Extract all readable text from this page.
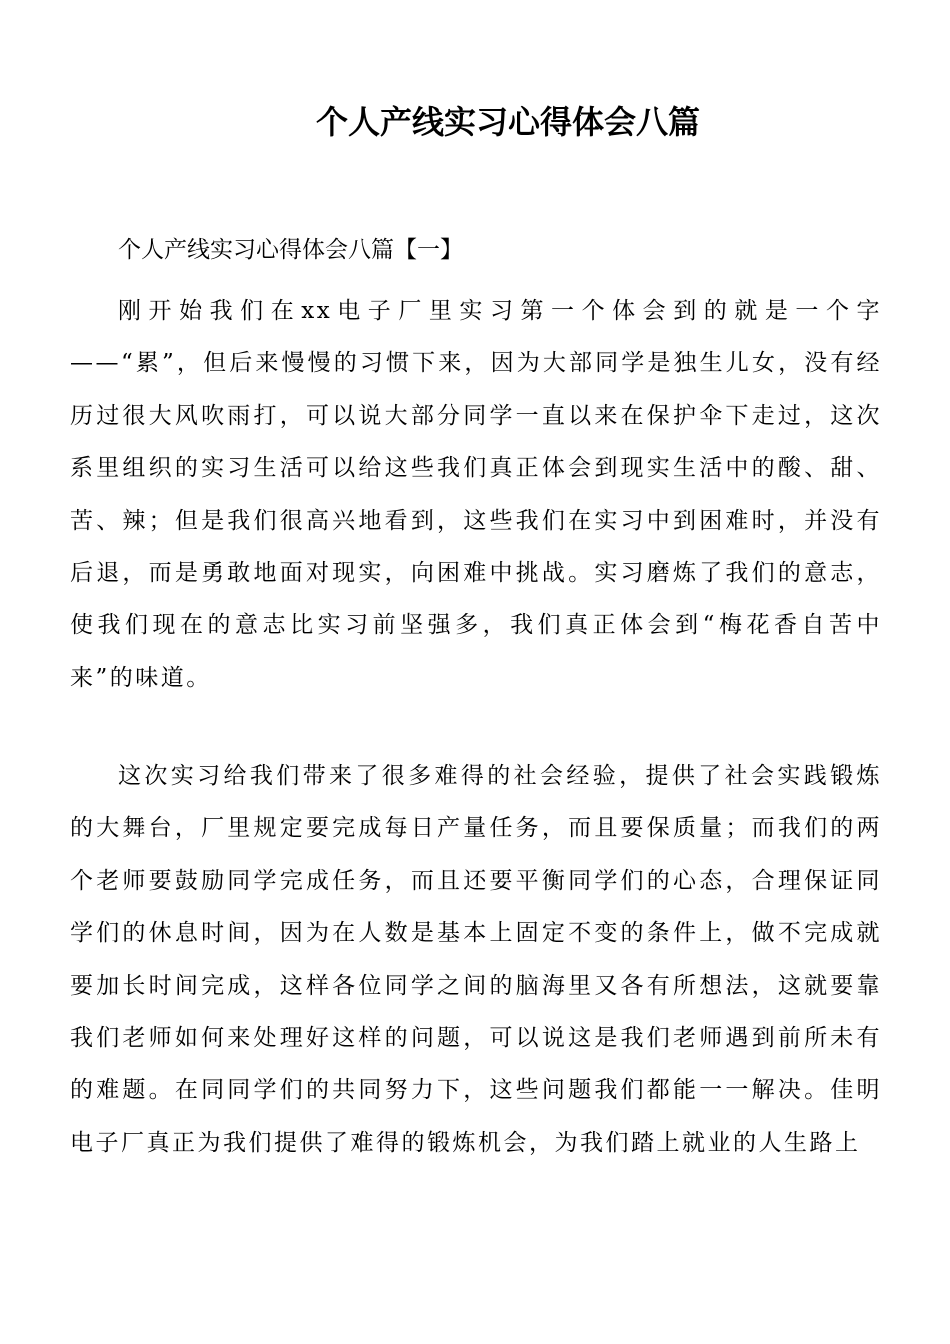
个人产线实习心得体会八篇
个人产线实习心得体会八篇【一】

刚开始我们在xx电子厂里实习第一个体会到的就是一个字——“累”，但后来慢慢的习惯下来，因为大部同学是独生儿女，没有经历过很大风吹雨打，可以说大部分同学一直以来在保护伞下走过，这次系里组织的实习生活可以给这些我们真正体会到现实生活中的酸、甜、苦、辣；但是我们很高兴地看到，这些我们在实习中到困难时，并没有后退，而是勇敢地面对现实，向困难中挑战。实习磨炼了我们的意志，使我们现在的意志比实习前坚强多，我们真正体会到“梅花香自苦中来”的味道。

这次实习给我们带来了很多难得的社会经验，提供了社会实践锻炼的大舞台，厂里规定要完成每日产量任务，而且要保质量；而我们的两个老师要鼓励同学完成任务，而且还要平衡同学们的心态，合理保证同学们的休息时间，因为在人数是基本上固定不变的条件上，做不完成就要加长时间完成，这样各位同学之间的脑海里又各有所想法，这就要靠我们老师如何来处理好这样的问题，可以说这是我们老师遇到前所未有的难题。在同同学们的共同努力下，这些问题我们都能一一解决。佳明电子厂真正为我们提供了难得的锻炼机会，为我们踏上就业的人生路上
